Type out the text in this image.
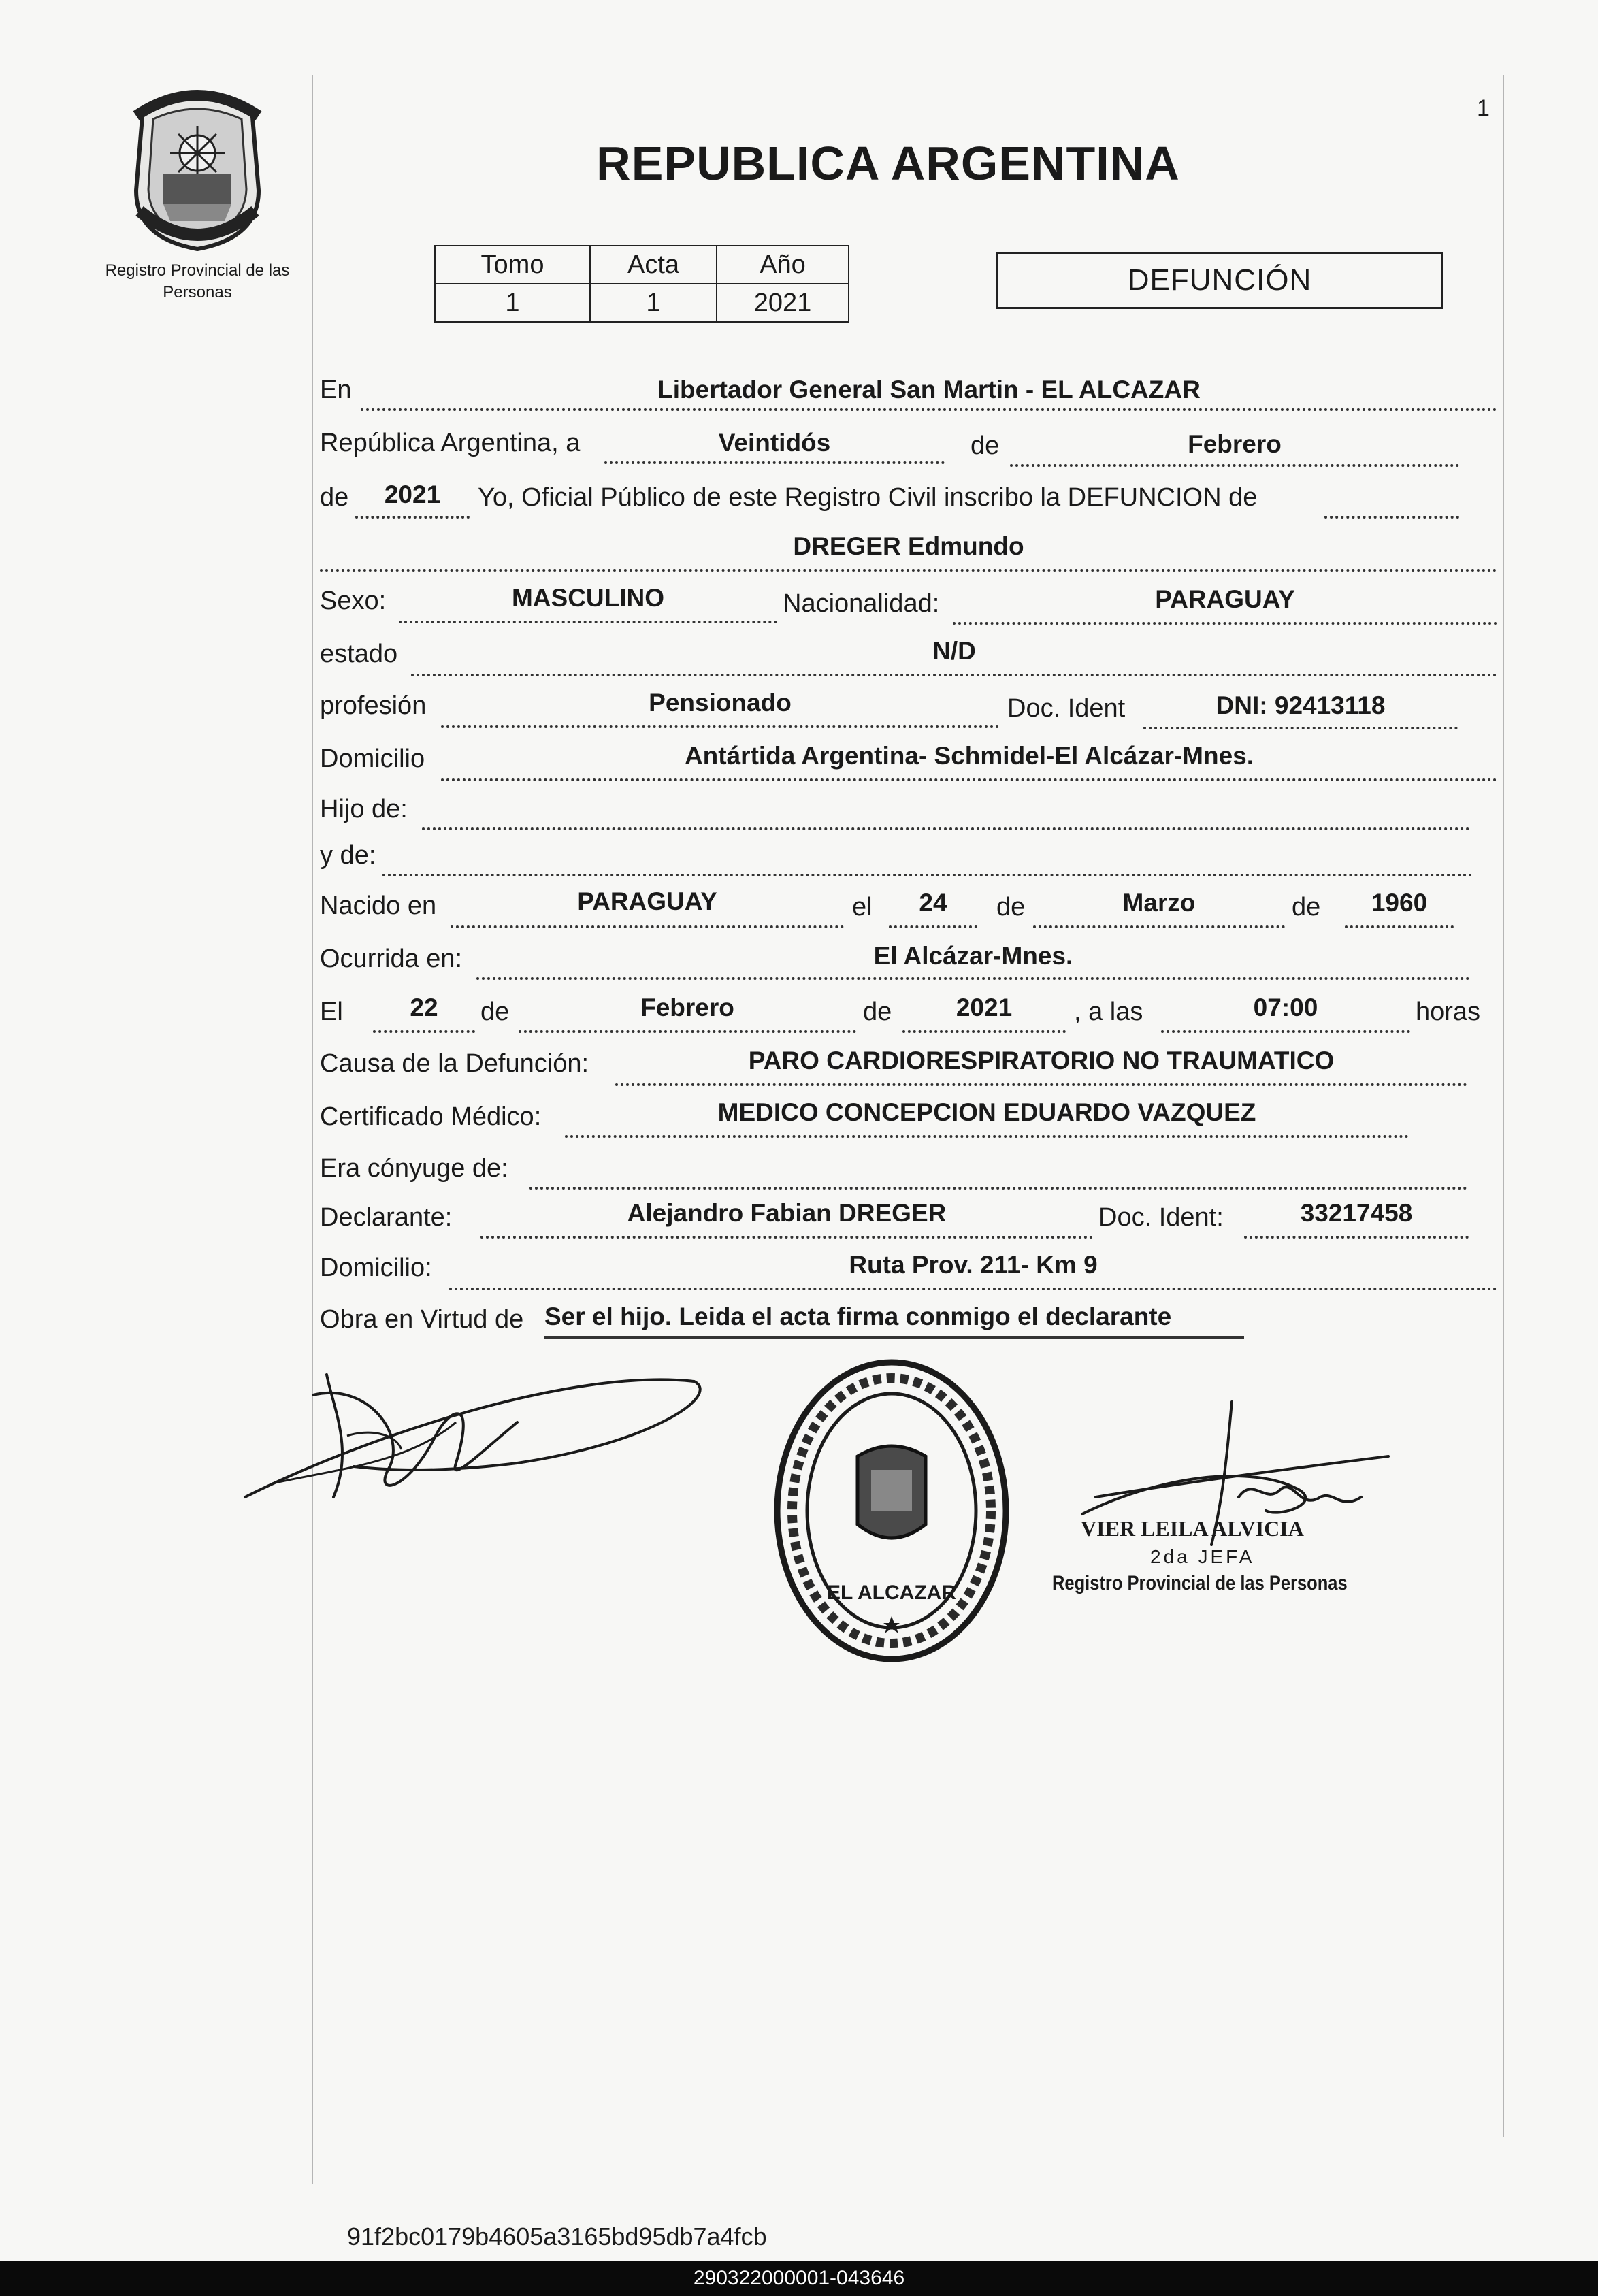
Registro Provincial de las Personas
1
REPUBLICA ARGENTINA
Tomo	Acta	Año
1	1	2021
DEFUNCIÓN
En	Libertador General San Martin - EL ALCAZAR
República Argentina, a	Veintidós	de	Febrero
de	2021	Yo, Oficial Público de este Registro Civil inscribo la DEFUNCION de
DREGER Edmundo
Sexo:	MASCULINO	Nacionalidad:	PARAGUAY
estado	N/D
profesión	Pensionado	Doc. Ident	DNI: 92413118
Domicilio	Antártida Argentina- Schmidel-El Alcázar-Mnes.
Hijo de:
y de:
Nacido en	PARAGUAY	el	24	de	Marzo	de	1960
Ocurrida en:	El Alcázar-Mnes.
El	22	de	Febrero	de	2021	, a las	07:00	horas
Causa de la Defunción:	PARO CARDIORESPIRATORIO NO TRAUMATICO
Certificado Médico:	MEDICO CONCEPCION EDUARDO VAZQUEZ
Era cónyuge de:
Declarante:	Alejandro Fabian DREGER	Doc. Ident:	33217458
Domicilio:	Ruta Prov. 211- Km 9
Obra en Virtud de Ser el hijo. Leida el acta firma conmigo el declarante
EL ALCAZAR
VIER LEILA ALVICIA
2da JEFA
Registro Provincial de las Personas
91f2bc0179b4605a3165bd95db7a4fcb
290322000001-043646
